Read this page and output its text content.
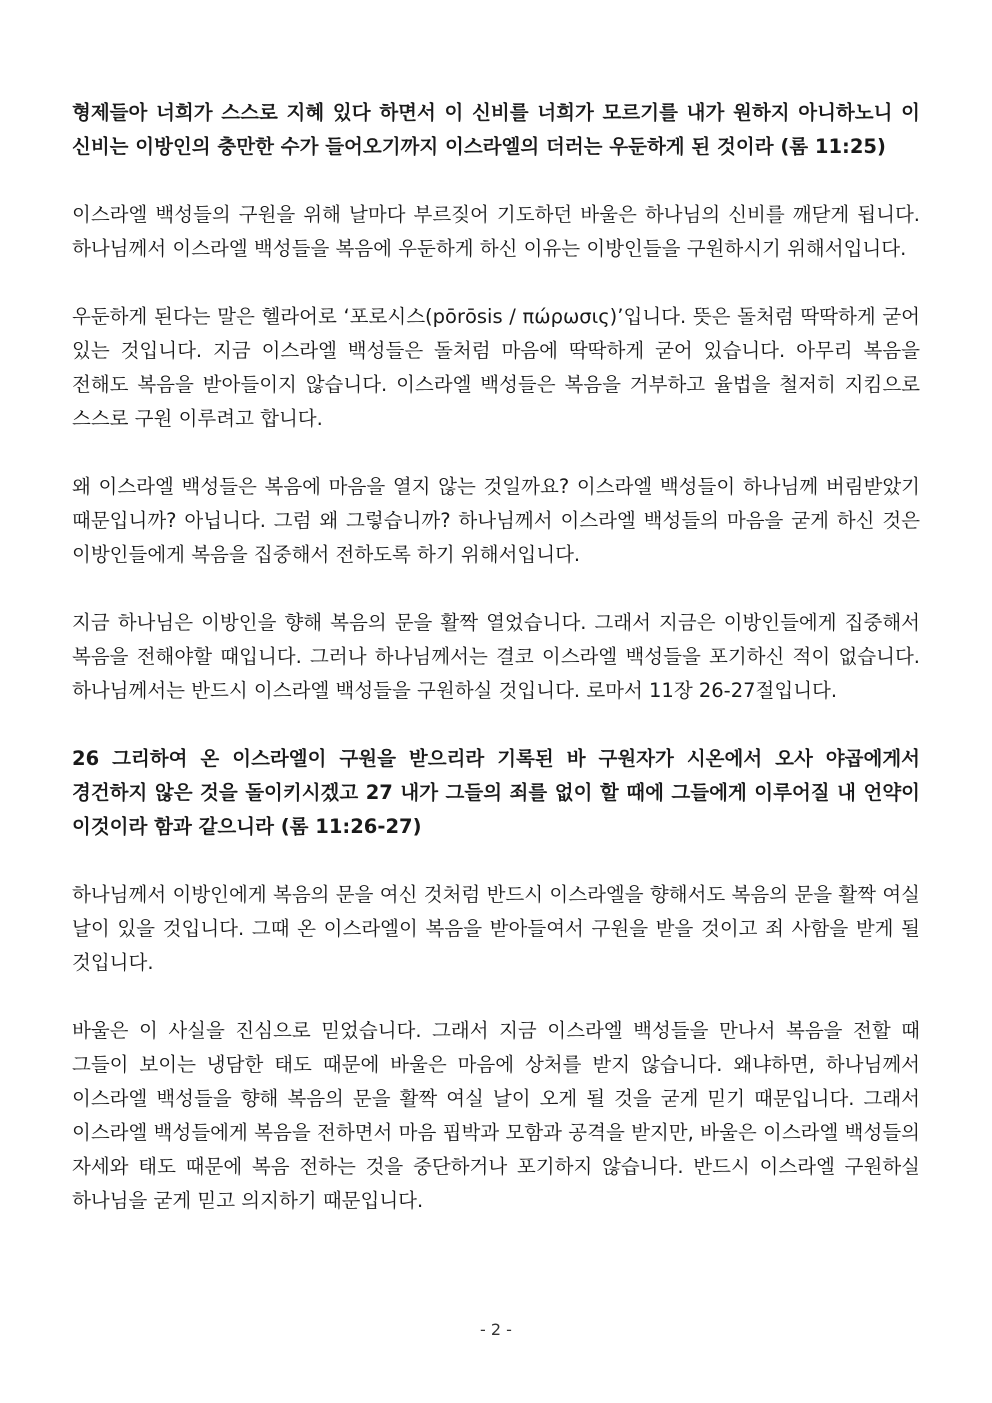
형제들아 너희가 스스로 지혜 있다 하면서 이 신비를 너희가 모르기를 내가 원하지 아니하노니 이 신비는 이방인의 충만한 수가 들어오기까지 이스라엘의 더러는 우둔하게 된 것이라 (롬 11:25)

이스라엘 백성들의 구원을 위해 날마다 부르짖어 기도하던 바울은 하나님의 신비를 깨닫게 됩니다. 하나님께서 이스라엘 백성들을 복음에 우둔하게 하신 이유는 이방인들을 구원하시기 위해서입니다.

우둔하게 된다는 말은 헬라어로 ‘포로시스(pōrōsis / πώρωσις)’입니다. 뜻은 돌처럼 딱딱하게 굳어 있는 것입니다. 지금 이스라엘 백성들은 돌처럼 마음에 딱딱하게 굳어 있습니다. 아무리 복음을 전해도 복음을 받아들이지 않습니다. 이스라엘 백성들은 복음을 거부하고 율법을 철저히 지킴으로 스스로 구원 이루려고 합니다.

왜 이스라엘 백성들은 복음에 마음을 열지 않는 것일까요? 이스라엘 백성들이 하나님께 버림받았기 때문입니까? 아닙니다. 그럼 왜 그렇습니까? 하나님께서 이스라엘 백성들의 마음을 굳게 하신 것은 이방인들에게 복음을 집중해서 전하도록 하기 위해서입니다.

지금 하나님은 이방인을 향해 복음의 문을 활짝 열었습니다. 그래서 지금은 이방인들에게 집중해서 복음을 전해야할 때입니다. 그러나 하나님께서는 결코 이스라엘 백성들을 포기하신 적이 없습니다. 하나님께서는 반드시 이스라엘 백성들을 구원하실 것입니다. 로마서 11장 26-27절입니다.

26 그리하여 온 이스라엘이 구원을 받으리라 기록된 바 구원자가 시온에서 오사 야곱에게서 경건하지 않은 것을 돌이키시겠고 27 내가 그들의 죄를 없이 할 때에 그들에게 이루어질 내 언약이 이것이라 함과 같으니라 (롬 11:26-27)

하나님께서 이방인에게 복음의 문을 여신 것처럼 반드시 이스라엘을 향해서도 복음의 문을 활짝 여실 날이 있을 것입니다. 그때 온 이스라엘이 복음을 받아들여서 구원을 받을 것이고 죄 사함을 받게 될 것입니다.

바울은 이 사실을 진심으로 믿었습니다. 그래서 지금 이스라엘 백성들을 만나서 복음을 전할 때 그들이 보이는 냉담한 태도 때문에 바울은 마음에 상처를 받지 않습니다. 왜냐하면, 하나님께서 이스라엘 백성들을 향해 복음의 문을 활짝 여실 날이 오게 될 것을 굳게 믿기 때문입니다. 그래서 이스라엘 백성들에게 복음을 전하면서 마음 핍박과 모함과 공격을 받지만, 바울은 이스라엘 백성들의 자세와 태도 때문에 복음 전하는 것을 중단하거나 포기하지 않습니다. 반드시 이스라엘 구원하실 하나님을 굳게 믿고 의지하기 때문입니다.

- 2 -
